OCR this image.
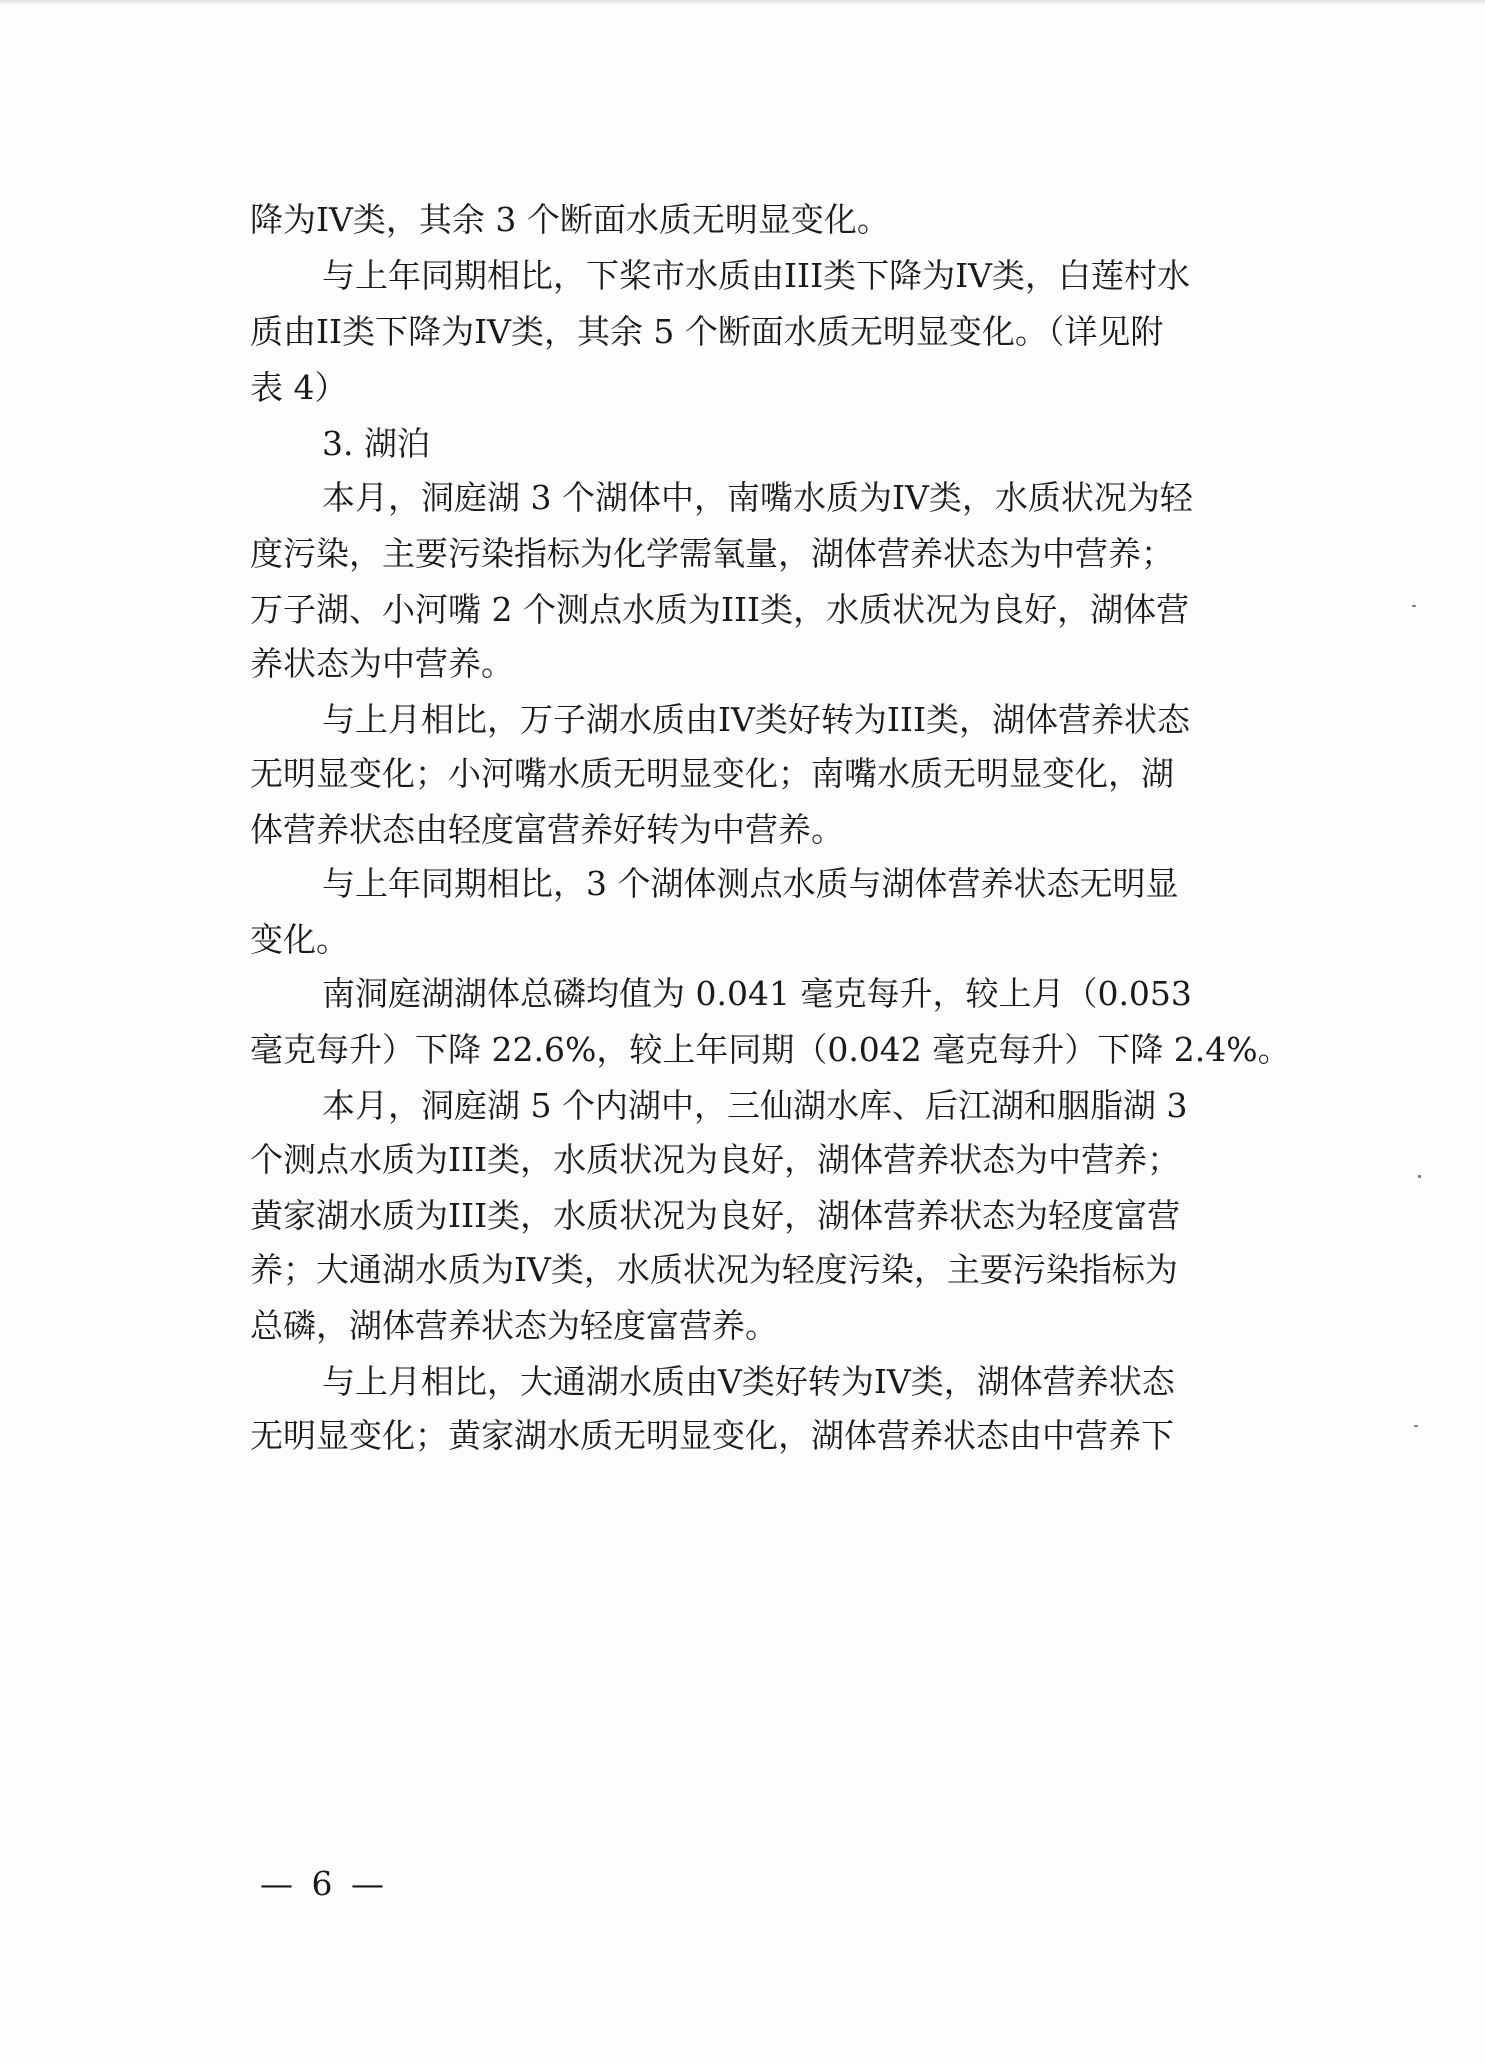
降为IV类，其余 3 个断面水质无明显变化。
与上年同期相比，下桨市水质由III类下降为IV类，白莲村水
质由II类下降为IV类，其余 5 个断面水质无明显变化。（详见附
表 4）
3. 湖泊
本月，洞庭湖 3 个湖体中，南嘴水质为IV类，水质状况为轻
度污染，主要污染指标为化学需氧量，湖体营养状态为中营养；
万子湖、小河嘴 2 个测点水质为III类，水质状况为良好，湖体营
养状态为中营养。
与上月相比，万子湖水质由IV类好转为III类，湖体营养状态
无明显变化；小河嘴水质无明显变化；南嘴水质无明显变化，湖
体营养状态由轻度富营养好转为中营养。
与上年同期相比，3 个湖体测点水质与湖体营养状态无明显
变化。
南洞庭湖湖体总磷均值为 0.041 毫克每升，较上月（0.053
毫克每升）下降 22.6%，较上年同期（0.042 毫克每升）下降 2.4%。
本月，洞庭湖 5 个内湖中，三仙湖水库、后江湖和胭脂湖 3
个测点水质为III类，水质状况为良好，湖体营养状态为中营养；
黄家湖水质为III类，水质状况为良好，湖体营养状态为轻度富营
养；大通湖水质为IV类，水质状况为轻度污染，主要污染指标为
总磷，湖体营养状态为轻度富营养。
与上月相比，大通湖水质由V类好转为IV类，湖体营养状态
无明显变化；黄家湖水质无明显变化，湖体营养状态由中营养下
— 6 —
